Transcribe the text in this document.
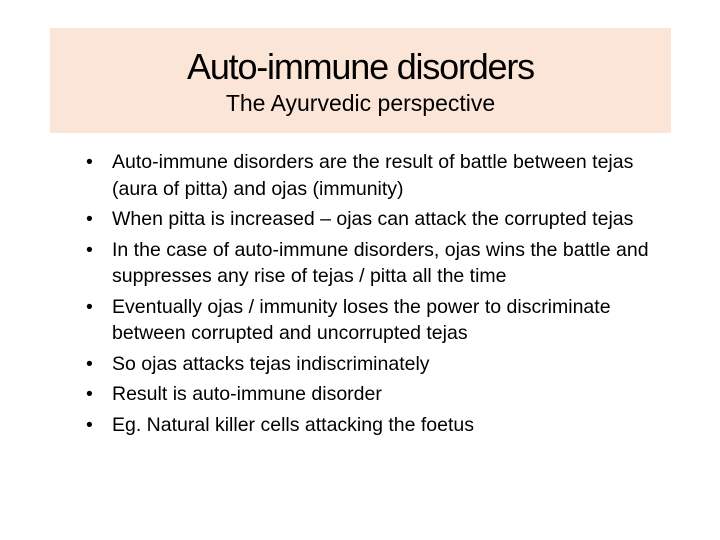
Auto-immune disorders
The Ayurvedic perspective
• Auto-immune disorders are the result of battle between tejas (aura of pitta) and ojas (immunity)
• When pitta is increased – ojas can attack the corrupted tejas
• In the case of auto-immune disorders, ojas wins the battle and suppresses any rise of tejas / pitta all the time
• Eventually ojas / immunity loses the power to discriminate between corrupted and uncorrupted tejas
• So ojas attacks tejas indiscriminately
• Result is auto-immune disorder
• Eg. Natural killer cells attacking the foetus
